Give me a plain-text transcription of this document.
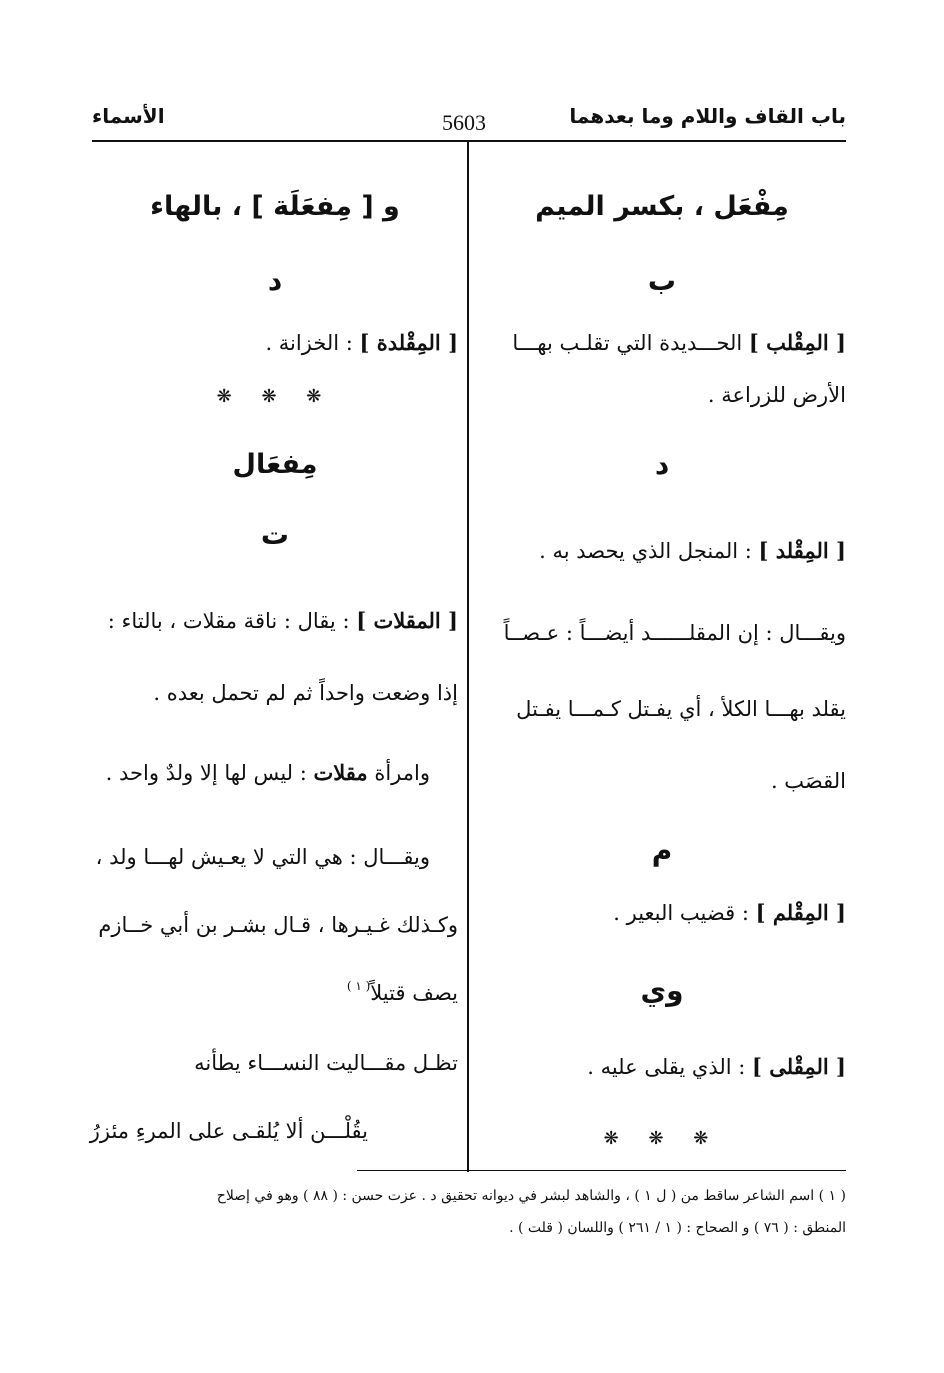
باب القاف واللام وما بعدهما
5603
الأسماء
مِفْعَل ، بكسر الميم
ب
[ المِقْلب ] الحـــديدة التي تقلـب بهـــا
الأرض للزراعة .
د
[ المِقْلد ] : المنجل الذي يحصد به .
ويقـــال : إن المقلــــــد أيضـــاً : عـصــاً
يقلد بهـــا الكلأ ، أي يفـتل كـمـــا يفـتل
القصَب .
م
[ المِقْلم ] : قضيب البعير .
وي
[ المِقْلى ] : الذي يقلى عليه .
❋ ❋ ❋
و [ مِفعَلَة ] ، بالهاء
د
[ المِقْلدة ] : الخزانة .
❋ ❋ ❋
مِفعَال
ت
[ المقلات ] : يقال : ناقة مقلات ، بالتاء :
إذا وضعت واحداً ثم لم تحمل بعده .
وامرأة مقلات : ليس لها إلا ولدٌ واحد .
ويقـــال : هي التي لا يعـيش لهـــا ولد ،
وكـذلك غـيـرها ، قـال بشـر بن أبي خــازم
يصف قتيلاً$^{( ١ )}$
تظـل مقـــاليت النســـاء يطأنه
يقُلْـــن ألا يُلقـى على المرءِ مئزرُ
( ١ ) اسم الشاعر ساقط من ( ل ١ ) ، والشاهد لبشر في ديوانه تحقيق د . عزت حسن : ( ٨٨ ) وهو في إصلاح
المنطق : ( ٧٦ ) و الصحاح : ( ١ / ٢٦١ ) واللسان ( قلت ) .
